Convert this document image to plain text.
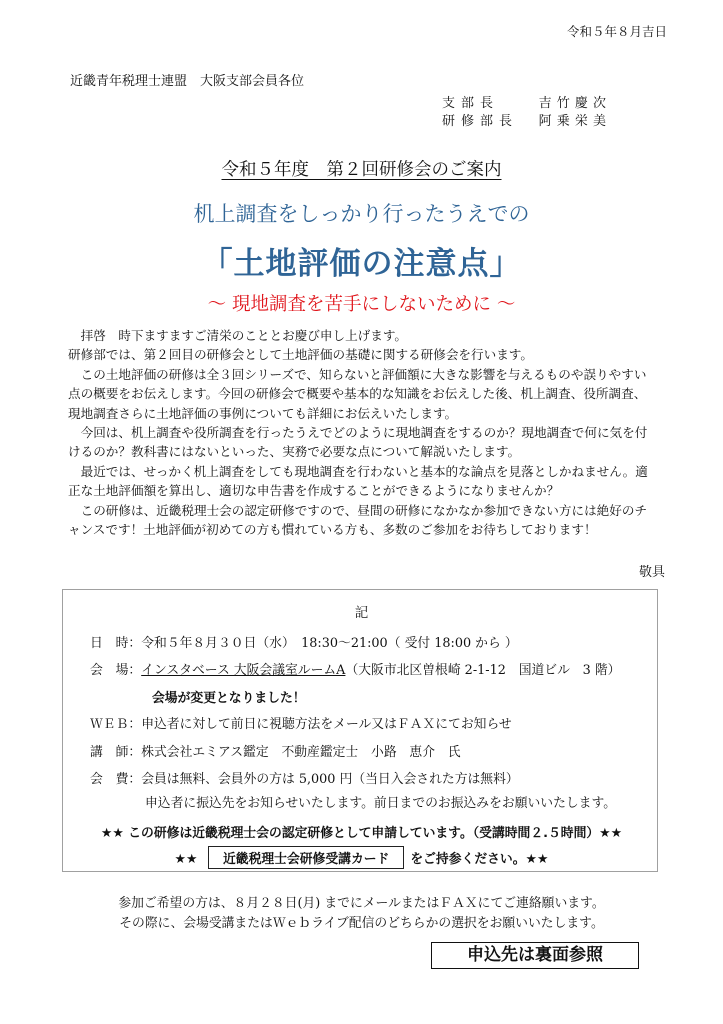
令和５年８月吉日
近畿青年税理士連盟　大阪支部会員各位
支部長	吉 竹 慶 次
研修部長 阿 乗 栄 美
令和５年度　第２回研修会のご案内
机上調査をしっかり行ったうえでの
「土地評価の注意点」
～ 現地調査を苦手にしないために ～

　拝啓　時下ますますご清栄のこととお慶び申し上げます。

研修部では、第２回目の研修会として土地評価の基礎に関する研修会を行います。

　この土地評価の研修は全３回シリーズで、知らないと評価額に大きな影響を与えるものや誤りやすい点の概要をお伝えします。今回の研修会で概要や基本的な知識をお伝えした後、机上調査、役所調査、現地調査さらに土地評価の事例についても詳細にお伝えいたします。

　今回は、机上調査や役所調査を行ったうえでどのように現地調査をするのか？現地調査で何に気を付けるのか？教科書にはないといった、実務で必要な点について解説いたします。

　最近では、せっかく机上調査をしても現地調査を行わないと基本的な論点を見落としかねません。適正な土地評価額を算出し、適切な申告書を作成することができるようになりませんか？

　この研修は、近畿税理士会の認定研修ですので、昼間の研修になかなか参加できない方には絶好のチャンスです！土地評価が初めての方も慣れている方も、多数のご参加をお待ちしております！

敬具
記
日　時：令和５年８月３０日（水）　18:30～21:00（ 受付 18:00 から ）
会　場：インスタベース 大阪会議室ルームA（大阪市北区曽根崎 2-1-12　国道ビル　3 階）
会場が変更となりました！
ＷＥＢ：申込者に対して前日に視聴方法をメール又はＦＡＸにてお知らせ
講　師：株式会社エミアス鑑定　不動産鑑定士　小路　恵介　氏
会　費：会員は無料、会員外の方は 5,000 円（当日入会された方は無料）
申込者に振込先をお知らせいたします。前日までのお振込みをお願いいたします。
★★ この研修は近畿税理士会の認定研修として申請しています。（受講時間２.５時間）★★
★★ 近畿税理士会研修受講カード をご持参ください。★★
参加ご希望の方は、８月２８日(月) までにメールまたはＦＡＸにてご連絡願います。
その際に、会場受講またはＷｅｂライブ配信のどちらかの選択をお願いいたします。
申込先は裏面参照
